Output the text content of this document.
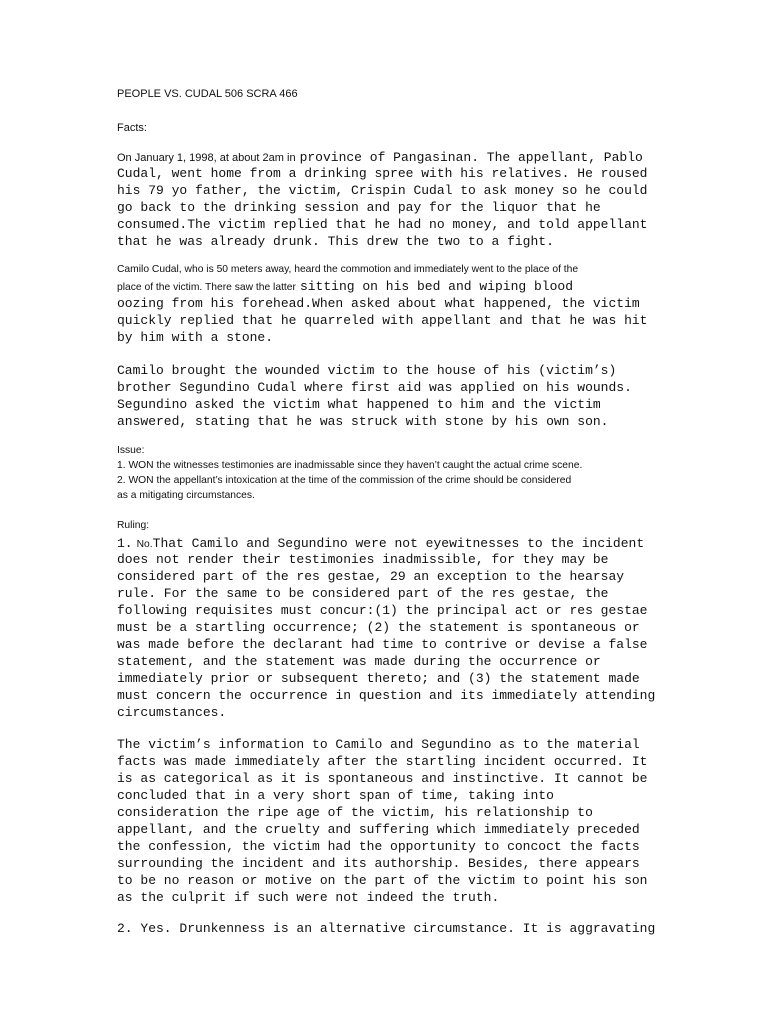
PEOPLE VS. CUDAL 506 SCRA 466
Facts:
On January 1, 1998, at about 2am in province of Pangasinan. The appellant, Pablo
Cudal, went home from a drinking spree with his relatives. He roused
his 79 yo father, the victim, Crispin Cudal to ask money so he could
go back to the drinking session and pay for the liquor that he
consumed.The victim replied that he had no money, and told appellant
that he was already drunk. This drew the two to a fight.
Camilo Cudal, who is 50 meters away, heard the commotion and immediately went to the place of the
place of the victim. There saw the latter sitting on his bed and wiping blood
oozing from his forehead.When asked about what happened, the victim
quickly replied that he quarreled with appellant and that he was hit
by him with a stone.
Camilo brought the wounded victim to the house of his (victim’s)
brother Segundino Cudal where first aid was applied on his wounds.
Segundino asked the victim what happened to him and the victim
answered, stating that he was struck with stone by his own son.
Issue:
1. WON the witnesses testimonies are inadmissable since they haven’t caught the actual crime scene.
2. WON the appellant’s intoxication at the time of the commission of the crime should be considered
as a mitigating circumstances.
Ruling:
1. No.That Camilo and Segundino were not eyewitnesses to the incident
does not render their testimonies inadmissible, for they may be
considered part of the res gestae, 29 an exception to the hearsay
rule. For the same to be considered part of the res gestae, the
following requisites must concur:(1) the principal act or res gestae
must be a startling occurrence; (2) the statement is spontaneous or
was made before the declarant had time to contrive or devise a false
statement, and the statement was made during the occurrence or
immediately prior or subsequent thereto; and (3) the statement made
must concern the occurrence in question and its immediately attending
circumstances.
The victim’s information to Camilo and Segundino as to the material
facts was made immediately after the startling incident occurred. It
is as categorical as it is spontaneous and instinctive. It cannot be
concluded that in a very short span of time, taking into
consideration the ripe age of the victim, his relationship to
appellant, and the cruelty and suffering which immediately preceded
the confession, the victim had the opportunity to concoct the facts
surrounding the incident and its authorship. Besides, there appears
to be no reason or motive on the part of the victim to point his son
as the culprit if such were not indeed the truth.
2. Yes. Drunkenness is an alternative circumstance. It is aggravating
